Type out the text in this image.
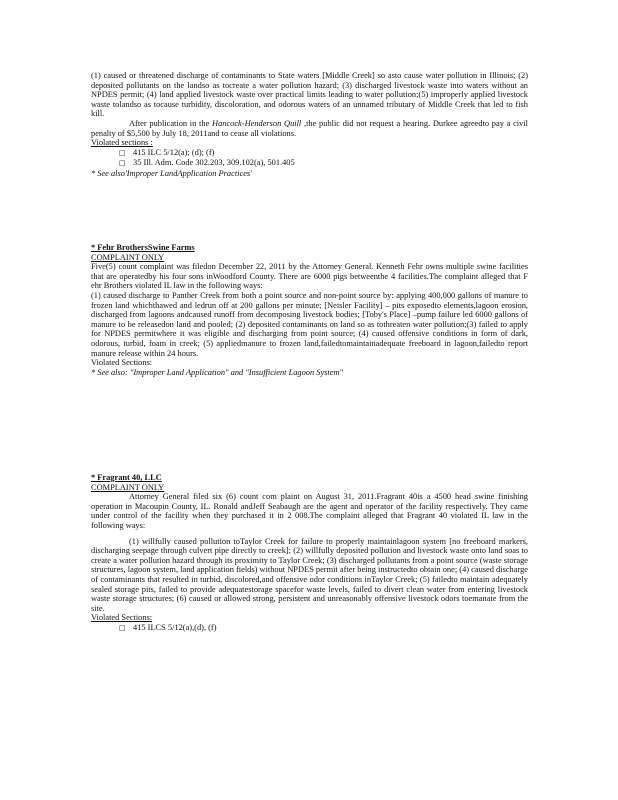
(1) caused or threatened discharge of contaminants to State waters [Middle Creek] so asto cause water pollution in Illinois; (2) deposited pollutants on the landso as tocreate a water pollution hazard; (3) discharged livestock waste into waters without an NPDES permit; (4) land applied livestock waste over practical limits leading to water pollution;(5) improperly applied livestock waste tolandso as tocause turbidity, discoloration, and odorous waters of an unnamed tributary of Middle Creek that led to fish kill.

After publication in the Hancock-Henderson Quill ,the public did not request a hearing. Durkee agreedto pay a civil penalty of $5,500 by July 18, 2011and to cease all violations.

Violated sections :

□ 415 ILC 5/12(a); (d); (f)

□ 35 Ill. Adm. Code 302.203, 309.102(a), 501.405

* See also'Improper LandApplication Practices'

* Fehr BrothersSwine Farms

COMPLAINT ONLY

Five(5) count complaint was filedon December 22, 2011 by the Attorney General. Kenneth Fehr owns multiple swine facilities that are operatedby his four sons inWoodford County. There are 6000 pigs betweenthe 4 facilities.The complaint alleged that F ehr Brothers violated IL law in the following ways:

(1) caused discharge to Panther Creek from both a point source and non-point source by: applying 400,000 gallons of manure to frozen land whichthawed and ledrun off at 200 gallons per minute; [Neisler Facility] – pits exposedto elements,lagoon erosion, discharged from lagoons andcaused runoff from decomposing livestock bodies; [Toby's Place] –pump failure led 6000 gallons of manure to be releasedon land and pooled; (2) deposited contaminants on land so as tothreaten water pollution;(3) failed to apply for NPDES permitwhere it was eligible and discharging from point source; (4) caused offensive conditions in form of dark, odorous, turbid, foam in creek; (5) appliedmanure to frozen land,failedtomaintainadequate freeboard in lagoon,failedto report manure release within 24 hours.

Violated Sections:

* See also: "Improper Land Application" and "Insufficient Lagoon System"

* Fragrant 40, LLC

COMPLAINT ONLY

Attorney General filed six (6) count com plaint on August 31, 2011.Fragrant 40is a 4500 head swine finishing operation in Macoupin County, IL. Ronald andJeff Seabaugh are the agent and operator of the facility respectively. They came under control of the facility when they purchased it in 2 008.The complaint alleged that Fragrant 40 violated IL law in the following ways:

(1) willfully caused pollution toTaylor Creek for failure to properly maintainlagoon system [no freeboard markers, discharging seepage through culvert pipe directly to creek]; (2) willfully deposited pollution and livestock waste onto land soas to create a water pollution hazard through its proximity to Taylor Creek; (3) discharged pollutants from a point source (waste storage structures, lagoon system, land application fields) without NPDES permit after being instructedto obtain one; (4) caused discharge of contaminants that resulted in turbid, discolored,and offensive odor conditions inTaylor Creek; (5) failedto maintain adequately sealed storage pits, failed to provide adequatestorage spacefor waste levels, failed to divert clean water from entering livestock waste storage structures; (6) caused or allowed strong, persistent and unreasonably offensive livestock odors toemanate from the site.

Violated Sections:

□ 415 ILCS 5/12(a),(d), (f)
